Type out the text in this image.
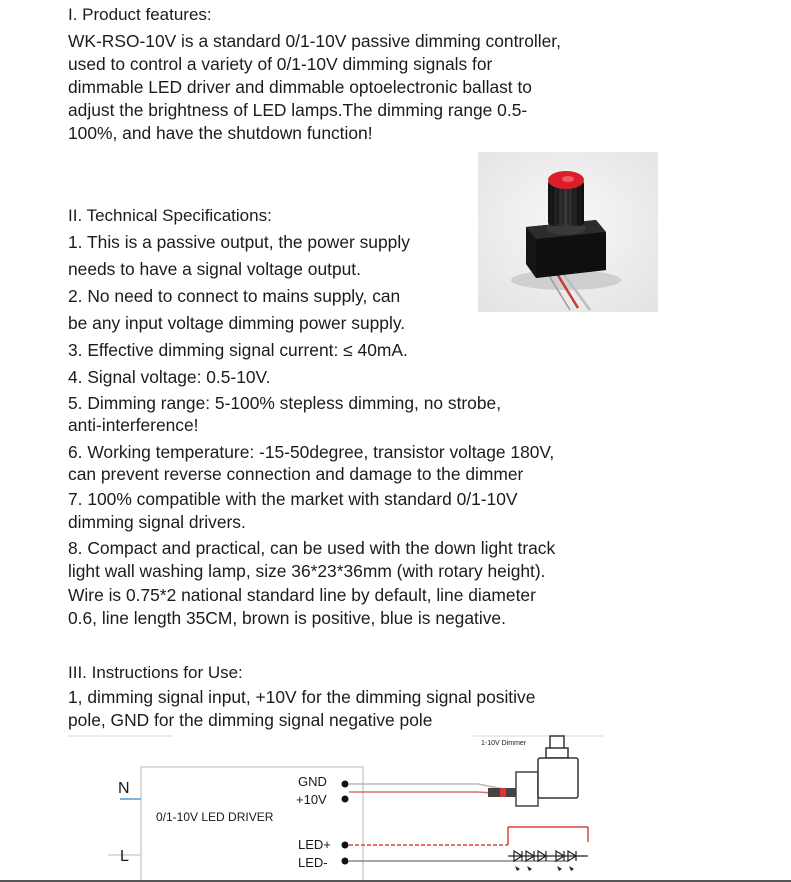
I. Product features:
WK-RSO-10V is a standard 0/1-10V passive dimming controller,
used to control a variety of 0/1-10V dimming signals for
dimmable LED driver and dimmable optoelectronic ballast to
adjust the brightness of LED lamps.The dimming range 0.5-
100%, and have the shutdown function!
II. Technical Specifications:
1. This is a passive output, the power supply
needs to have a signal voltage output.
2. No need to connect to mains supply, can
be any input voltage dimming power supply.
3. Effective dimming signal current: ≤ 40mA.
4. Signal voltage: 0.5-10V.
5. Dimming range: 5-100% stepless dimming, no strobe,
anti-interference!
6. Working temperature: -15-50degree, transistor voltage 180V,
can prevent reverse connection and damage to the dimmer
7. 100% compatible with the market with standard 0/1-10V
dimming signal drivers.
8. Compact and practical, can be used with the down light track
light wall washing lamp, size 36*23*36mm (with rotary height).
Wire is 0.75*2 national standard line by default, line diameter
0.6, line length 35CM, brown is positive, blue is negative.
III. Instructions for Use:
1, dimming signal input, +10V for the dimming signal positive
pole, GND for the dimming signal negative pole
N
L
0/1-10V LED DRIVER
GND
+10V
LED+
LED-
1-10V Dimmer
